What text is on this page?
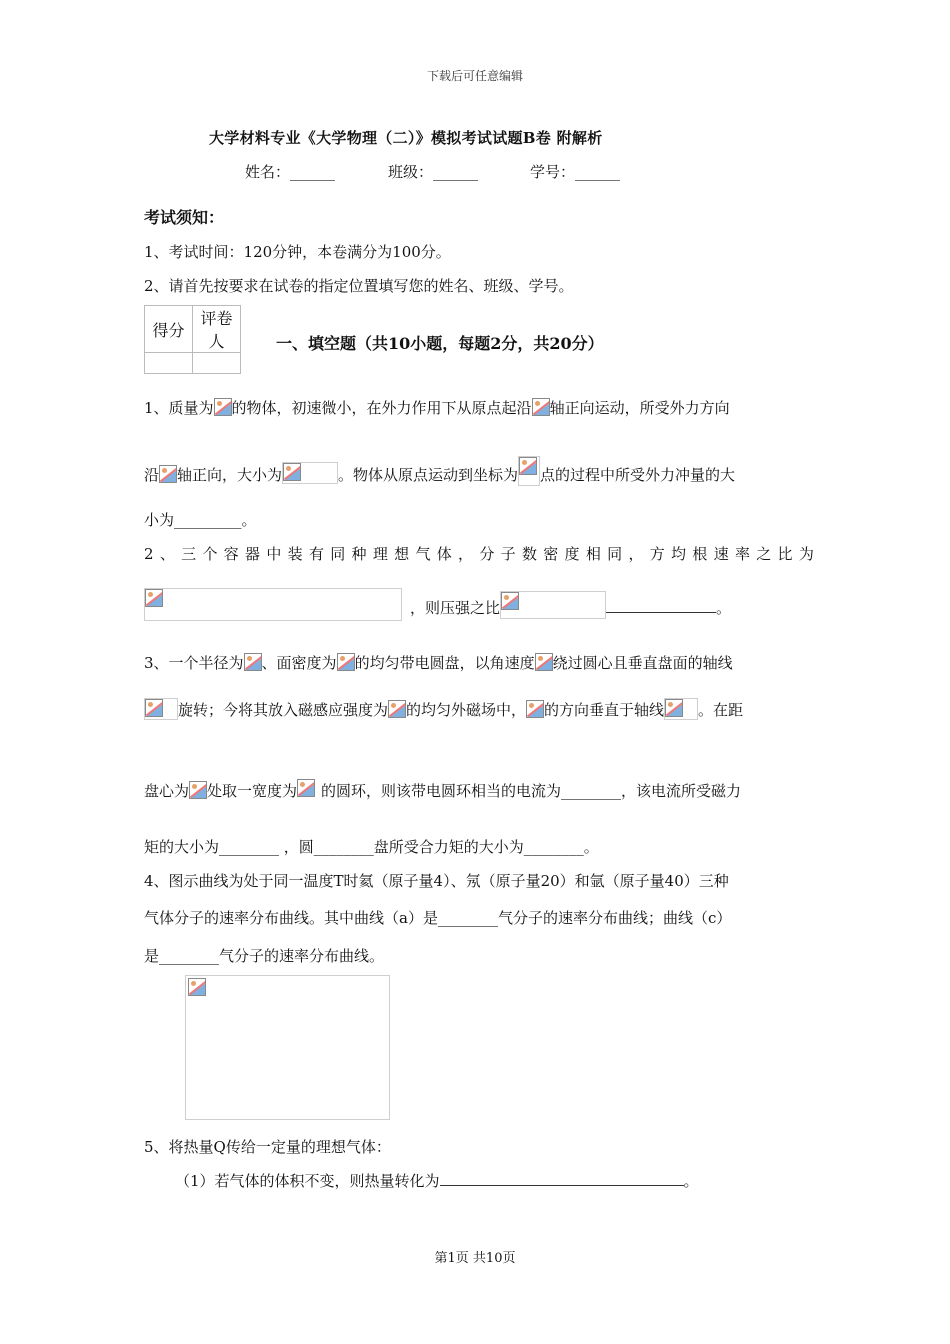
下载后可任意编辑
大学材料专业《大学物理（二）》模拟考试试题B卷 附解析
姓名：______	班级：______	学号：______
考试须知：
1、考试时间：120分钟，本卷满分为100分。
2、请首先按要求在试卷的指定位置填写您的姓名、班级、学号。
得分	评卷人
		一、填空题（共10小题，每题2分，共20分）
1、质量为 的物体，初速微小，在外力作用下从原点起沿 轴正向运动，所受外力方向
沿 轴正向，大小为	。物体从原点运动到坐标为 点的过程中所受外力冲量的大
小为_________。
2、三个容器中装有同种理想气体，分子数密度相同，方均根速率之比为
，则压强之比	。
3、一个半径为 、面密度为 的均匀带电圆盘，以角速度 绕过圆心且垂直盘面的轴线
旋转；今将其放入磁感应强度为 的均匀外磁场中， 的方向垂直于轴线 。在距
盘心为 处取一宽度为 的圆环，则该带电圆环相当的电流为________，该电流所受磁力
矩的大小为________ ，圆________盘所受合力矩的大小为________。
4、图示曲线为处于同一温度T时氦（原子量4）、氖（原子量20）和氩（原子量40）三种
气体分子的速率分布曲线。其中曲线（a）是________气分子的速率分布曲线；曲线（c）
是________气分子的速率分布曲线。
5、将热量Q传给一定量的理想气体：
（1）若气体的体积不变，则热量转化为	。
第1页 共10页
